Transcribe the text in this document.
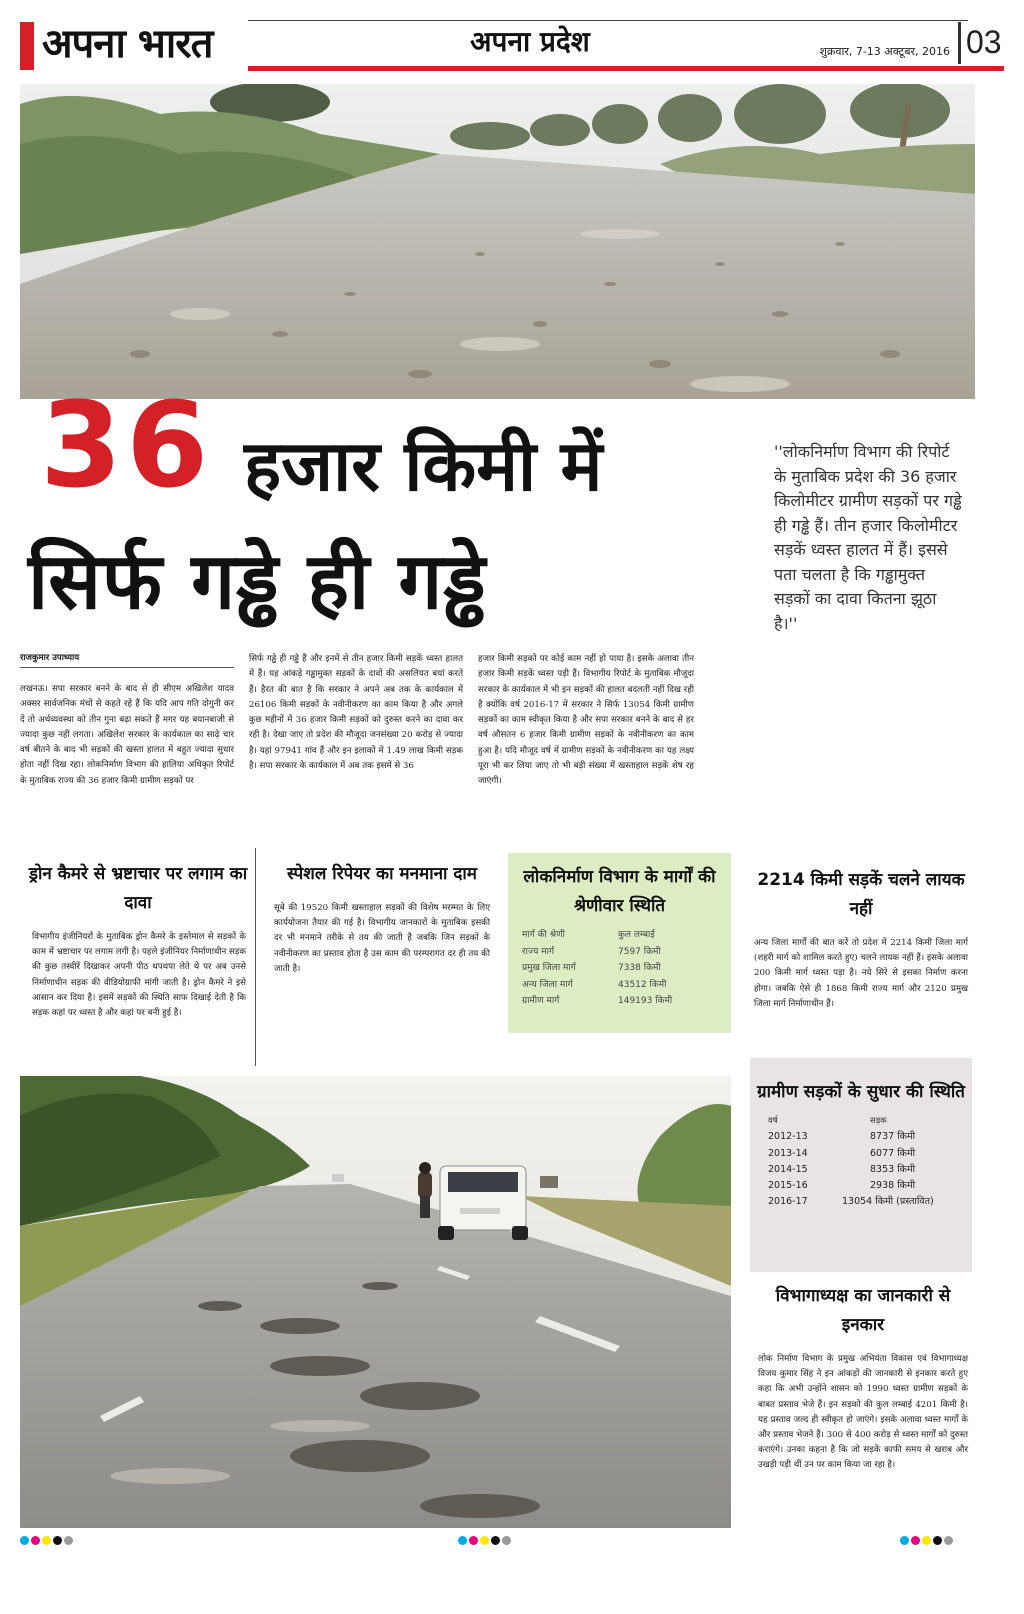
अपना भारत	अपना प्रदेश	शुक्रवार, 7-13 अक्टूबर, 2016 03
36 हजार किमी में
सिर्फ गड्ढे ही गड्ढे
''लोकनिर्माण विभाग की रिपोर्ट के मुताबिक प्रदेश की 36 हजार किलोमीटर ग्रामीण सड़कों पर गड्ढे ही गड्ढे हैं। तीन हजार किलोमीटर सड़कें ध्वस्त हालत में हैं। इससे पता चलता है कि गड्ढामुक्त सड़कों का दावा कितना झूठा है।''
राजकुमार उपाध्याय
लखनऊ। सपा सरकार बनने के बाद से ही सीएम अखिलेश यादव अक्सर सार्वजनिक मंचों से कहते रहे हैं कि यदि आप गति दोगुनी कर दें तो अर्थव्यवस्था को तीन गुना बढ़ा सकते हैं मगर यह बयानबाजी से ज्यादा कुछ नहीं लगता। अखिलेश सरकार के कार्यकाल का साढ़े चार वर्ष बीतने के बाद भी सड़कों की खस्ता हालत में बहुत ज्यादा सुधार होता नहीं दिख रहा। लोकनिर्माण विभाग की हालिया अधिकृत रिपोर्ट के मुताबिक राज्य की 36 हजार किमी ग्रामीण सड़कों पर
सिर्फ गड्ढे ही गड्ढे हैं और इनमें से तीन हजार किमी सड़कें ध्वस्त हालत में हैं। यह आंकड़े गड्ढामुक्त सड़कों के दावों की असलियत बयां करते हैं। हैरत की बात है कि सरकार ने अपने अब तक के कार्यकाल में 26106 किमी सड़कों के नवीनीकरण का काम किया है और अगले कुछ महीनों में 36 हजार किमी सड़कों को दुरुस्त करने का दावा कर रही है। देखा जाए तो प्रदेश की मौजूदा जनसंख्या 20 करोड़ से ज्यादा है। यहां 97941 गांव हैं और इन इलाकों में 1.49 लाख किमी सड़क है। सपा सरकार के कार्यकाल में अब तक इसमें से 36
हजार किमी सड़कों पर कोई काम नहीं हो पाया है। इसके अलावा तीन हजार किमी सड़कें ध्वस्त पड़ी हैं। विभागीय रिपोर्ट के मुताबिक मौजूदा सरकार के कार्यकाल में भी इन सड़कों की हालत बदलती नहीं दिख रही है क्योंकि वर्ष 2016-17 में सरकार ने सिर्फ 13054 किमी ग्रामीण सड़कों का काम स्वीकृत किया है और सपा सरकार बनने के बाद से हर वर्ष औसतन 6 हजार किमी ग्रामीण सड़कों के नवीनीकरण का काम हुआ है। यदि मौजूद वर्ष में ग्रामीण सड़कों के नवीनीकरण का यह लक्ष्य पूरा भी कर लिया जाए तो भी बड़ी संख्या में खस्ताहाल सड़कें शेष रह जाएंगी।
ड्रोन कैमरे से भ्रष्टाचार पर लगाम का दावा
विभागीय इंजीनियरों के मुताबिक ड्रोन कैमरे के इस्तेमाल से सड़कों के काम में भ्रष्टाचार पर लगाम लगी है। पहले इंजीनियर निर्माणाधीन सड़क की कुछ तस्वीरें दिखाकर अपनी पीठ थपथपा लेते थे पर अब उनसे निर्माणाधीन सड़क की वीडियोग्राफी मांगी जाती है। ड्रोन कैमरे ने इसे आसान कर दिया है। इसमें सड़कों की स्थिति साफ दिखाई देती है कि सड़क कहां पर ध्वस्त है और कहां पर बनी हुई है।
स्पेशल रिपेयर का मनमाना दाम
सूबे की 19520 किमी खस्ताहाल सड़कों की विशेष मरम्मत के लिए कार्ययोजना तैयार की गई है। विभागीय जानकारों के मुताबिक इसकी दर भी मनमाने तरीके से तय की जाती है जबकि जिन सड़कों के नवीनीकरण का प्रस्ताव होता है उस काम की परम्परागत दर ही तय की जाती है।
लोकनिर्माण विभाग के मार्गों की श्रेणीवार स्थिति
मार्ग की श्रेणी	कुल लम्बाई
राज्य मार्ग	7597 किमी
प्रमुख जिला मार्ग	7338 किमी
अन्य जिला मार्ग	43512 किमी
ग्रामीण मार्ग	149193 किमी
2214 किमी सड़कें चलने लायक नहीं
अन्य जिला मार्गों की बात करें तो प्रदेश में 2214 किमी जिला मार्ग (शहरी मार्ग को शामिल करते हुए) चलने लायक नहीं हैं। इसके अलावा 200 किमी मार्ग ध्वस्त पड़ा है। नये सिरे से इसका निर्माण करना होगा। जबकि ऐसे ही 1868 किमी राज्य मार्ग और 2120 प्रमुख जिला मार्ग निर्माणाधीन हैं।
ग्रामीण सड़कों के सुधार की स्थिति
वर्ष	सड़क
2012-13	8737 किमी
2013-14	6077 किमी
2014-15	8353 किमी
2015-16	2938 किमी
2016-17	13054 किमी (प्रस्तावित)
विभागाध्यक्ष का जानकारी से इनकार
लोक निर्माण विभाग के प्रमुख अभियंता विकास एवं विभागाध्यक्ष विजय कुमार सिंह ने इन आंकड़ों की जानकारी से इनकार करते हुए कहा कि अभी उन्होंने शासन को 1990 ध्वस्त ग्रामीण सड़कों के बाबत प्रस्ताव भेजे हैं। इन सड़कों की कुल लम्बाई 4201 किमी है। यह प्रस्ताव जल्द ही स्वीकृत हो जाएंगे। इसके अलावा ध्वस्त मार्गों के और प्रस्ताव भेजने हैं। 300 से 400 करोड़ से ध्वस्त मार्गों को दुरुस्त कराएंगे। उनका कहना है कि जो सड़कें काफी समय से खराब और उखड़ी पड़ी थीं उन पर काम किया जा रहा है।
